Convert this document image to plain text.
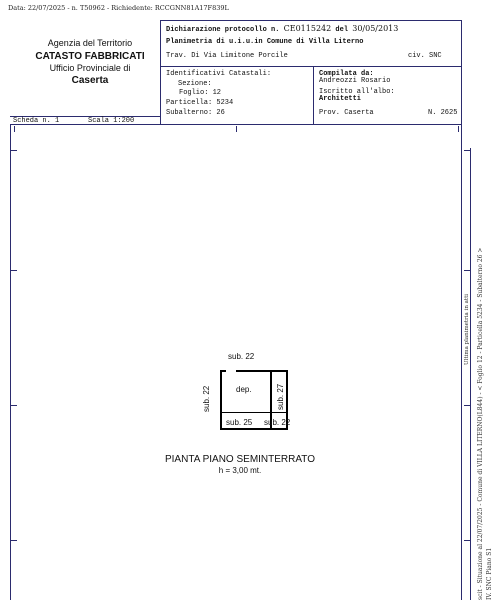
Data: 22/07/2025 - n. T50962 - Richiedente: RCCGNN81A17F839L
Agenzia del Territorio
CATASTO FABBRICATI
Ufficio Provinciale di
Caserta
Dichiarazione protocollo n. CE0115242 del 30/05/2013
Planimetria di u.i.u.in Comune di Villa Literno
Trav. Di Via Limitone Porcile	civ. SNC
Identificativi Catastali:
Sezione:
Foglio: 12
Particella: 5234
Subalterno: 26
Compilata da:
Andreozzi Rosario
Iscritto all'albo:
Architetti
Prov. Caserta	N. 2625
Scheda n. 1	Scala 1:200
sub. 22
dep.
sub. 22	sub. 27
sub. 25 sub. 22
PIANTA PIANO SEMINTERRATO
h = 3,00 mt.
Ultima planimetria in atti scit - Situazione al 22/07/2025 - Comune di VILLA LITERNO(L844) - < Foglio 12 - Particella 5234 - Subalterno 26 > IV. SNC Piano S1
